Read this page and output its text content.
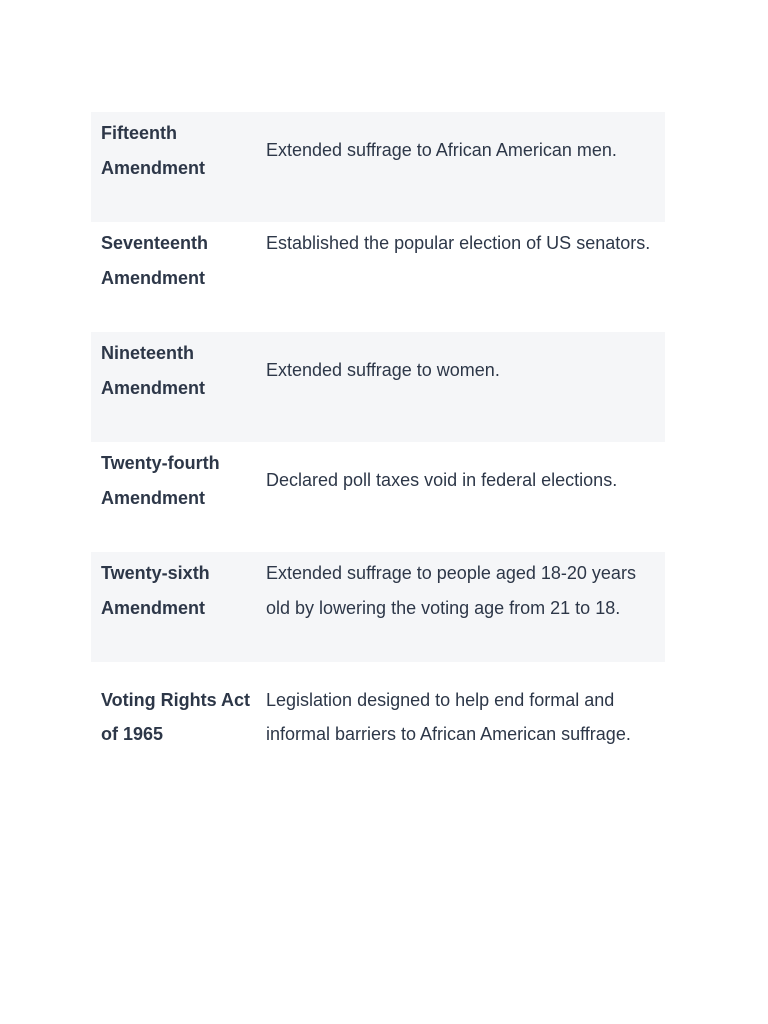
Fifteenth Amendment
Extended suffrage to African American men.
Seventeenth Amendment
Established the popular election of US senators.
Nineteenth Amendment
Extended suffrage to women.
Twenty-fourth Amendment
Declared poll taxes void in federal elections.
Twenty-sixth Amendment
Extended suffrage to people aged 18-20 years old by lowering the voting age from 21 to 18.
Voting Rights Act of 1965
Legislation designed to help end formal and informal barriers to African American suffrage.
